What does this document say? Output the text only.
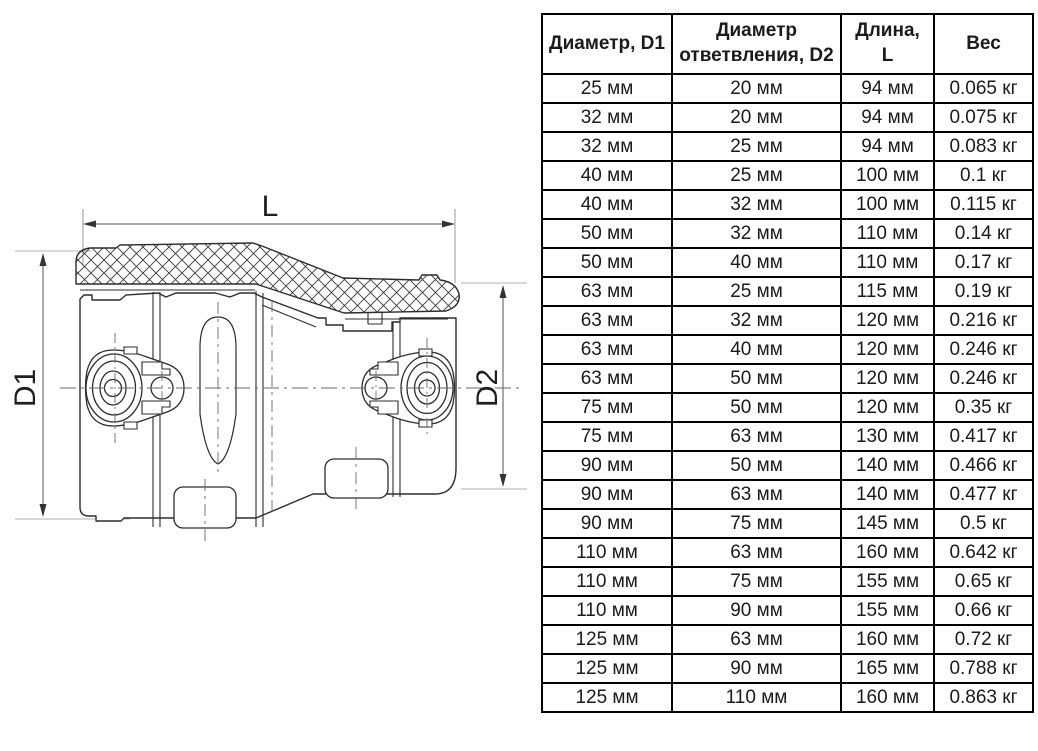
L
D1	D2
Диаметр, D1	Диаметр ответвления, D2	Длина, L	Вес
25 мм	20 мм	94 мм	0.065 кг
32 мм	20 мм	94 мм	0.075 кг
32 мм	25 мм	94 мм	0.083 кг
40 мм	25 мм	100 мм	0.1 кг
40 мм	32 мм	100 мм	0.115 кг
50 мм	32 мм	110 мм	0.14 кг
50 мм	40 мм	110 мм	0.17 кг
63 мм	25 мм	115 мм	0.19 кг
63 мм	32 мм	120 мм	0.216 кг
63 мм	40 мм	120 мм	0.246 кг
63 мм	50 мм	120 мм	0.246 кг
75 мм	50 мм	120 мм	0.35 кг
75 мм	63 мм	130 мм	0.417 кг
90 мм	50 мм	140 мм	0.466 кг
90 мм	63 мм	140 мм	0.477 кг
90 мм	75 мм	145 мм	0.5 кг
110 мм	63 мм	160 мм	0.642 кг
110 мм	75 мм	155 мм	0.65 кг
110 мм	90 мм	155 мм	0.66 кг
125 мм	63 мм	160 мм	0.72 кг
125 мм	90 мм	165 мм	0.788 кг
125 мм	110 мм	160 мм	0.863 кг
